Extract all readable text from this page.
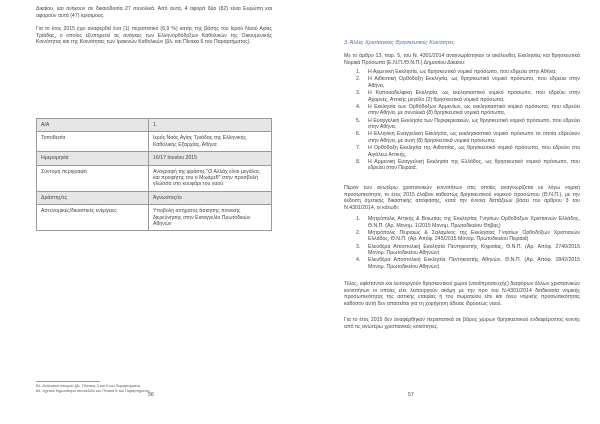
Δικαίου, και ανήκουν σε δικαιοδοσία 27 συνολικά. Από αυτά, 4 αφορά δύο (82) είναι Ευρώπη και αφορούν αυτά (47) κρίσιμους.

Για το έτος 2015 έχει αναφερθεί ένα (1) περιστατικό (6,9 %) κατής της βάσης του Ιερού Ναού Αγίας Τριάδας, ο οποίος εξυπηρετεί τις ανάγκες των Ελληνορθόδοξων Καθολικών της Οικουμενικής Κοινότητας και της Κοινότητας των Ιρακινών Καθολικών (βλ. και Πίνακα 6 του Παραρτήματος).

Α/Α	1.
Τοποθεσία	Ιερός Ναός Αγίας Τριάδας της Ελληνικής Καθολικής Εξαρχίας, Αθήνα
Ημερομηνία	16/17 Ιουνίου 2015
Σύντομη περιγραφή	Αναγραφή της φράσης "Ο Αλλάχ είναι μεγάλος και προφήτης του ο Μωάμεθ" στην προσβολή γλώσσα στο κουφάρι του ναού
Δράστης/ες	Άγνωστος/οι
Αστυνομικές/δικαστικές ενέργειες	Υποβολή αιτήματος άσκησης ποινικής διερεύνησης στην Εισαγγελία Πρωτοδικών Αθηνών

Βλ. Ανάλυτικό στοιχείο (βλ. Πίνακας 3 και 3 του Παραρτήματος

Βλ. σχετικό δημοσίευμα ιστοσελίδα του Πίνακα 6 του Παραρτήματος

56

3. Άλλες Χριστιανικές Θρησκευτικές Κοινότητες

Με το άρθρο 13, παρ. 5, του Ν. 4301/2014 αναγνωρίστηκαν οι ακόλουθες Εκκλησίες και θρησκευτικά Νομικά Πρόσωπα (Ε.Ν.Π./Θ.Ν.Π.) Δημοσίου Δικαίου:

1.	Η Αρμενική Εκκλησία, ως θρησκευτικό νομικό πρόσωπο, που εδρεύει στην Αθήνα,
2.	Η Αιθιοπική Ορθόδοξη Εκκλησία, ως θρησκευτικό νομικό πρόσωπο, που εδρεύει στην Αθήνα,
3.	Η Καπουαδελφική Εκκλησία, ως εκκλησιαστικό νομικό πρόσωπο, που εδρεύει στην Αχαρνές, Αττικής μεγάλο (2) θρησκευτικά νομικά πρόσωπα,
4.	Η Εκκλησία των Ορθόδοξων Αρμενίων, ως εκκλησιαστικό νομικό πρόσωπο, που εδρεύει στην Αθήνα, με συνολικά (8) θρησκευτικά νομικά πρόσωπα,
5.	Η Ευαγγελική Εκκλησία των Περιφερειακών, ως θρησκευτικό νομικό πρόσωπο, που εδρεύει στην Αθήνα,
6.	Η Ελληνική Ευαγγελική Εκκλησία, ως εκκλησιαστικό νομικό πρόσωπο τα οποία εδρεύουν στην Αθήνα, με αυτή (8) θρησκευτικά νομικά πρόσωπα,
7.	Η Ορθόδοξη Εκκλησία της Αιθιοπίας, ως θρησκευτικό νομικό πρόσωπο, που εδρεύει στο Αιγάλεω Αττικής,
8.	Η Αρμενική Ευαγγελική Εκκλησία της Ελλάδος, ως θρησκευτικό νομικό πρόσωπο, που εδρεύει στον Πειραιά.

Πέραν των ανωτέρω χριστιανικών κοινοτήτων στις οποίες αναγνωρίζεται εκ λόγω νομική προσωπικότητα, το έτος 2015 έλαβαν καθεστώς θρησκευτικού νομικού προσώπου (Θ.Ν.Π.), με την έκδοση σχετικής δικαστικής απόφασης, κατά την έννοια διατάξεων βάσει του άρθρου 3 του Ν.4301/2014, οι κάτωθι:

1.	Μητρόπολις Αττικής & Βοιωτίας της Εκκλησίας Γνησίων Ορθοδόξων Χριστιανών Ελλάδος, Θ.Ν.Π. (Αρ. Μονομ. 1/2015 Μονομ. Πρωτοδικείου Θήβας)
2.	Μητρόπολις Πειραιώς & Σαλαμίνος της Εκκλησίας Γνησίων Ορθοδόξων Χριστιανών Ελλάδος, Θ.Ν.Π. (Αρ. Απόφ. 245/2015 Μονομ. Πρωτοδικείου Πειραιά)
3.	Ελευθέρα Αποστολική Εκκλησία Πεντηκοστής Κηφισίας, Θ.Ν.Π. (Αρ. Απόφ. 2740/2015 Μονομ. Πρωτοδικείου Αθηνών)
4.	Ελευθέρα Αποστολική Εκκλησία Πεντηκοστής Αθηνών, Θ.Ν.Π. (Αρ. Απόφ. 2842/2015 Μονομ. Πρωτοδικείου Αθηνών).

Τέλος, υφίστανται και λειτουργούν θρησκευτικοί χώροι (ναοί/προσευχής) διαφόρων άλλων χριστιανικών κοινοτήτων οι οποίες είτε λειτουργούν ακόμη με την προ του Ν.4301/2014 διαδικασία νομικής προσωπικότητας της αστικής εταιρίας ή του σωματείου είτε και άνευ νομικής προσωπικότητας καθόσον αυτή δεν απαιτείται για τη χορήγηση άδειας ιδρύσεως ναού.

Για το έτος 2015 δεν αναφέρθηκαν περιστατικά σε βάρος χώρων θρησκευτικού ενδιαφέροντος κοινής από τις ανωτέρω χριστιανικές κοινότητες.

57
